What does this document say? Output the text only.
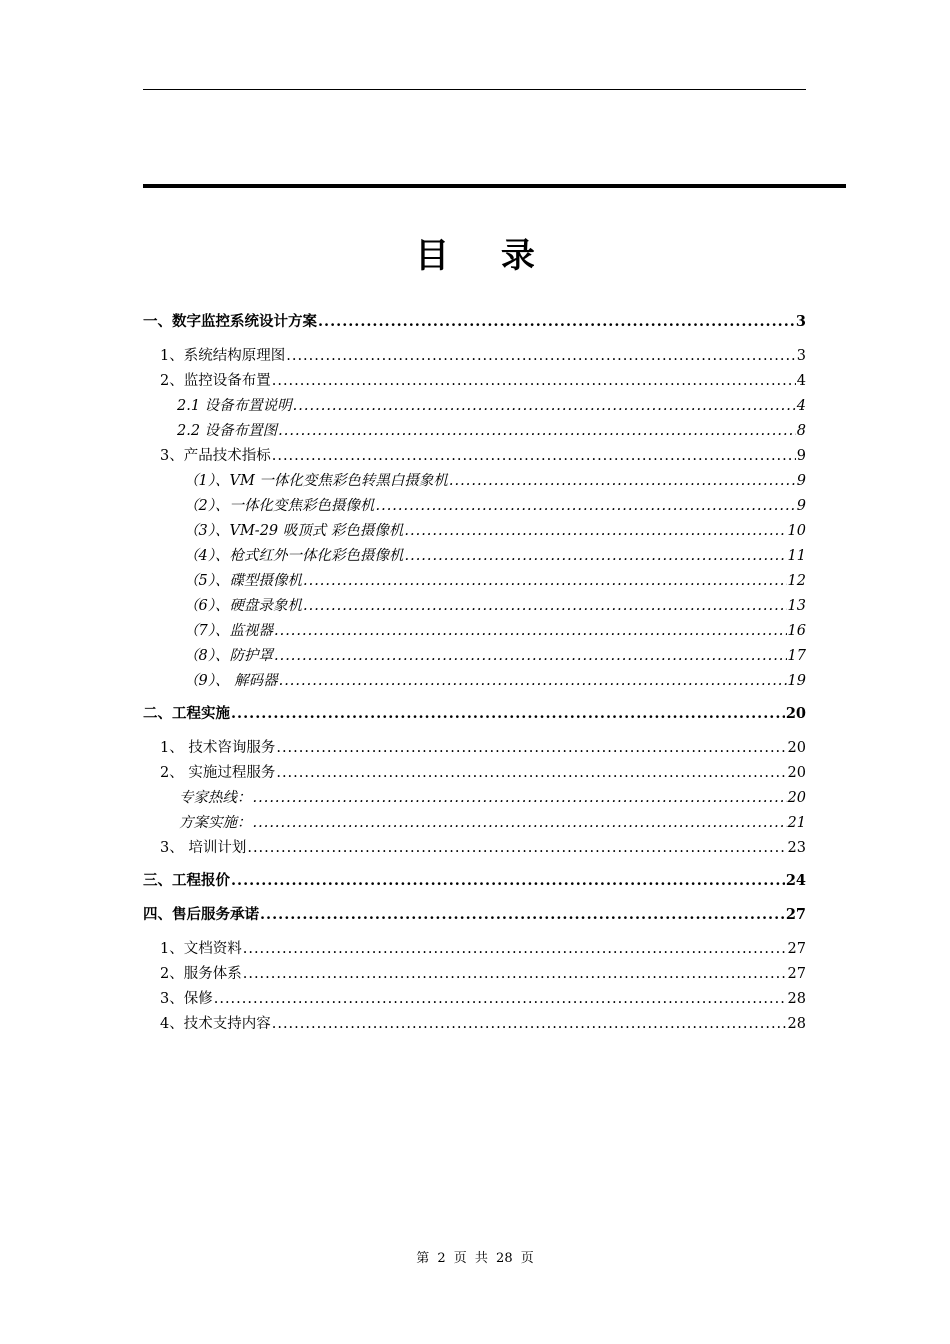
目 录
一、数字监控系统设计方案 .....	3
1、系统结构原理图 .....	3
2、监控设备布置 .....	4
2.1 设备布置说明 .....	4
2.2 设备布置图 .....	8
3、产品技术指标 .....	9
（1）、VM 一体化变焦彩色转黑白摄象机 .....	9
（2）、一体化变焦彩色摄像机 .....	9
（3）、VM-29 吸顶式 彩色摄像机 .....	10
（4）、枪式红外一体化彩色摄像机 .....	11
（5）、碟型摄像机 .....	12
（6）、硬盘录象机 .....	13
（7）、监视器 .....	16
（8）、防护罩 .....	17
（9）、 解码器 .....	19
二、工程实施 .....	20
1、 技术咨询服务 .....	20
2、 实施过程服务 .....	20
专家热线： .....	20
方案实施： .....	21
3、 培训计划 .....	23
三、工程报价 .....	24
四、售后服务承诺 .....	27
1、文档资料 .....	27
2、服务体系 .....	27
3、保修 .....	28
4、技术支持内容 .....	28
第 2 页 共 28 页
